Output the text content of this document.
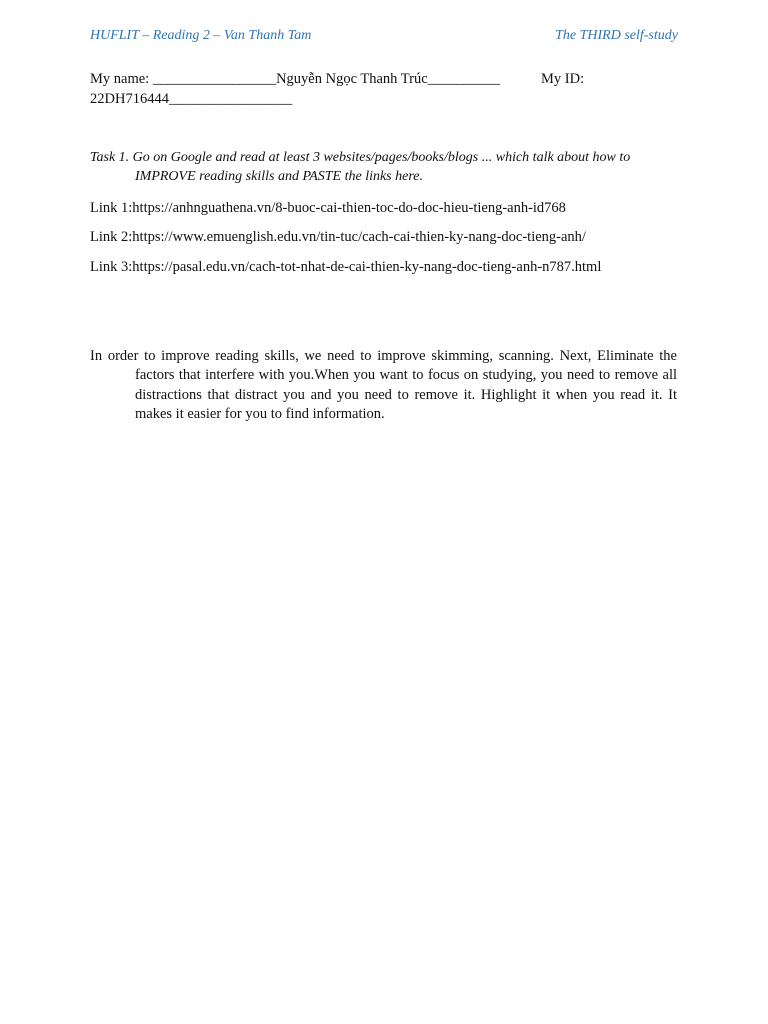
HUFLIT – Reading 2 – Van Thanh Tam	The THIRD self-study
My name: _________________Nguyễn Ngọc Thanh Trúc__________	My ID:
22DH716444_________________
Task 1. Go on Google and read at least 3 websites/pages/books/blogs ... which talk about how to
IMPROVE reading skills and PASTE the links here.
Link 1:https://anhnguathena.vn/8-buoc-cai-thien-toc-do-doc-hieu-tieng-anh-id768
Link 2:https://www.emuenglish.edu.vn/tin-tuc/cach-cai-thien-ky-nang-doc-tieng-anh/
Link 3:https://pasal.edu.vn/cach-tot-nhat-de-cai-thien-ky-nang-doc-tieng-anh-n787.html
In order to improve reading skills, we need to improve skimming, scanning. Next, Eliminate the factors that interfere with you.When you want to focus on studying, you need to remove all distractions that distract you and you need to remove it. Highlight it when you read it. It makes it easier for you to find information.
